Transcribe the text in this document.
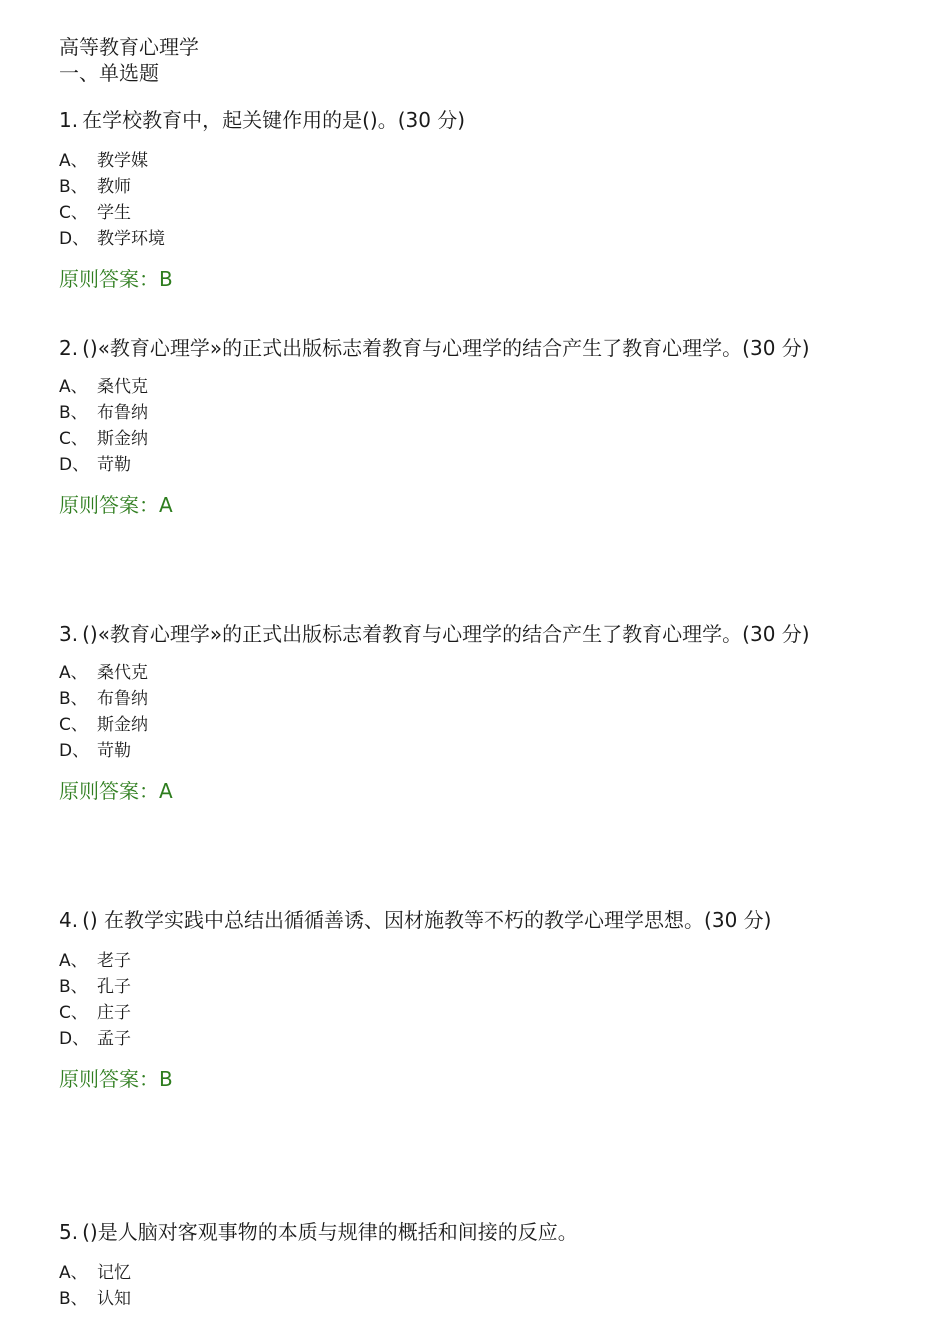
高等教育心理学
一、单选题

1. 在学校教育中，起关键作用的是()。(30 分)

A、 教学媒
B、 教师
C、 学生
D、 教学环境
原则答案：B

2. ()«教育心理学»的正式出版标志着教育与心理学的结合产生了教育心理学。(30 分)

A、 桑代克
B、 布鲁纳
C、 斯金纳
D、 苛勒
原则答案：A

3. ()«教育心理学»的正式出版标志着教育与心理学的结合产生了教育心理学。(30 分)

A、 桑代克
B、 布鲁纳
C、 斯金纳
D、 苛勒
原则答案：A

4. () 在教学实践中总结出循循善诱、因材施教等不朽的教学心理学思想。(30 分)

A、 老子
B、 孔子
C、 庄子
D、 孟子
原则答案：B

5. ()是人脑对客观事物的本质与规律的概括和间接的反应。

A、 记忆
B、 认知
